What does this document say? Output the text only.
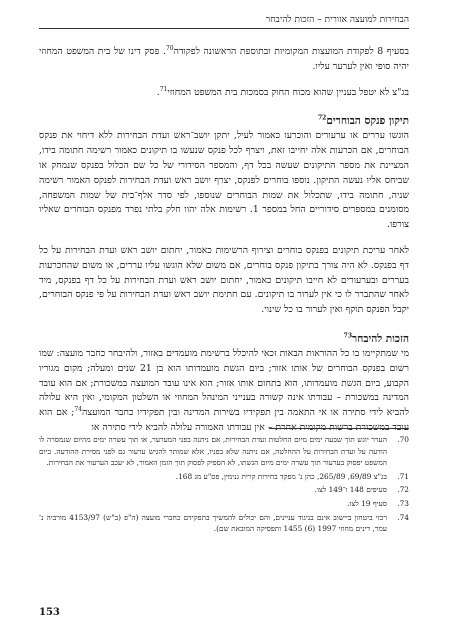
הבחירות למועצה אזורית – הזכות להיבחר

בסעיף 8 לפקודת המועצות המקומיות ובתוספת הראשונה לפקודה$^{70}$. פסק דינו של בית המשפט המחוזי יהיה סופי ואין לערער עליו.

בג"צ לא יטפל בעניין שהוא מכוח החוק בסמכות בית המשפט המחוזי$^{71}$.

תיקון פנקס הבוחרים$^{72}$

הוגשו עררים או ערעורים והוכרעו כאמור לעיל, יתקן יושב־ראש ועדת הבחירות ללא דיחוי את פנקס הבוחרים, אם הכרעות אלה יחייבו זאת, ויצרף לכל פנקס שנעשו בו תיקונים כאמור רשימה חתומה בידו, המציינת את מספר התיקונים שעשה בכל דף, והמספר הסידורי של כל שם הכלול בפנקס שנמחק או שביחס אליו נעשה התיקון. נוספו בוחרים לפנקס, יצרף יושב ראש ועדת הבחירות לפנקס האמור רשימה שניה, חתומה בידו, שתכלול את שמות הבוחרים שנוספו, לפי סדר אלף־בית של שמות המשפחה, מסומנים במספרים סידוריים החל במספר 1. רשימות אלה יהוו חלק בלתי נפרד מפנקס הבוחרים שאליו צורפו.

לאחר עריכת תיקונים בפנקס בוחרים וצירוף הרשימות כאמור, יחתום יושב ראש ועדת הבחירות על כל דף בפנקס. לא היה צורך בתיקון פנקס בוחרים, אם משום שלא הוגשו עליו עררים, או משום שהחכרעות בעררים ובערעורים לא חייבו תיקונים כאמור, יחתום יושב ראש ועדת הבחירות על כל דף בפנקס, מיד לאחר שהתברר לו כי אין לערור בו תיקונים. עם חתימת יושב ראש ועדת הבחירות על פי פנקס הבוחרים, יקבל הפנקס תוקף ואין לערור בו כל שינוי.

הזכות להיבחר$^{73}$

מי שמתקיימו בו כל ההוראות הבאות זכאי להיכלל ברשימת מועמדים באזור, ולהיבחר כחבר מועצה: שמו רשום בפנקס הבוחרים של אותו אזור; ביום הגשת מועמדותו הוא בן 21 שנים ומעלה; מקום מגוריו הקבוע, ביום הגשת מועמדותו, הוא בתחום אותו אזור; הוא אינו עובד המועצה במשכורת; אם הוא עובד המדינה במשכורת – עבודתו אינה קשורה בענייני המינהל המחוזי או השלטון המקומי, ואין היא עלולה להביא לידי סתירה או אי התאמה בין תפקידיו בשירות המדינה ובין תפקידיו כחבר המועצה$^{74}$; אם הוא עובד במשכורת ברשות מקומית אחרת – אין עבודתו האמורה עלולה להביא לידי סתירה או

70.
הערר יוגש תוך שבעה ימים מיום החלטות ועדת הבחירות, אם ניתנה בפני המערער, או תוך עשרה ימים מהיום שנמסרה לו הודעה על ועדת הבחירות על ההחלטה, אם ניתנה שלא בפניו, אלא שמותר להגיש ערעור גם לפני מסירת ההודעה. ביום המשפט יפסוק בערעור תוך עשרה ימים מיום הגשתו, לא הספיק לפסוק תוך הזמן האמור, לא יעכב הערעור את הבחירות.
71.
בג"צ 69/89, 265/89, כהן נ' מפקד בחירות קרית גנימין, פס"ע מג 168.
72.
סעיפים 148 ו־149 לצו.
73.
סעיף 19 לצו.
74.
רכזי ביטחון ביישוב אינם בניגוד עניינים, והם יכולים להמשיך בתפקידם כחברי מועצה (ה"פ (ב"ש) 4153/97 מורביה נ' עמר, דינים מחוזי 1997 (6) 1455 ותפסיקה המובאת שם).
153
